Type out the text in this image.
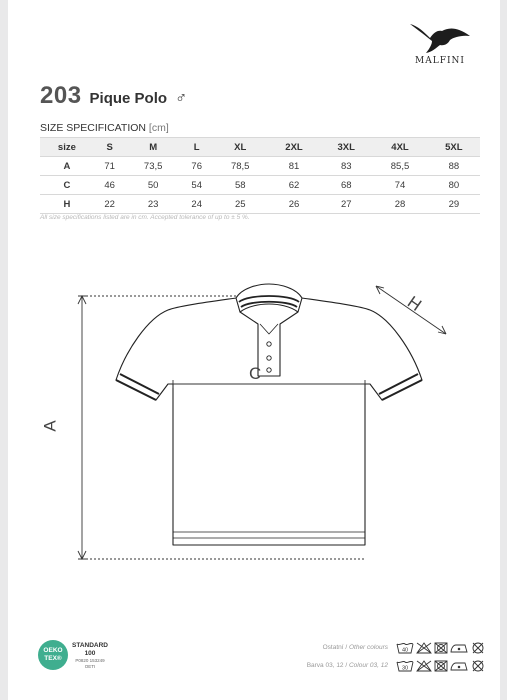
MALFINI
203 Pique Polo ♂
SIZE SPECIFICATION [cm]
size	S	M	L	XL	2XL	3XL	4XL	5XL
A	71	73,5	76	78,5	81	83	85,5	88
C	46	50	54	58	62	68	74	80
H	22	23	24	25	26	27	28	29
All size specifications listed are in cm. Accepted tolerance of up to ± 5 %.
A
C
H
OEKO
TEX®
STANDARD
100
P0820 153249
OETI
Ostatní / Other colours
Barva 03, 12 / Colour 03, 12
40
30
